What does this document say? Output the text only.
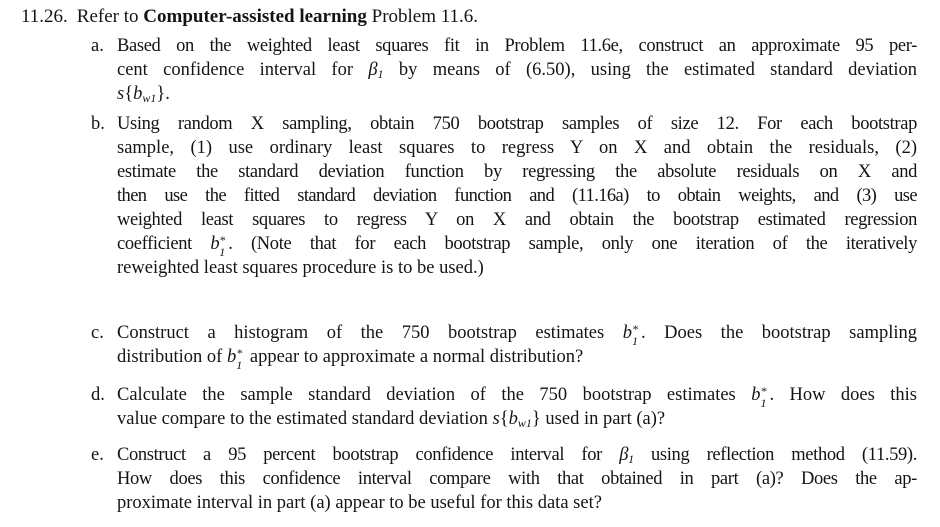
11.26. Refer to Computer-assisted learning Problem 11.6.
a. Based on the weighted least squares fit in Problem 11.6e, construct an approximate 95 per-
cent confidence interval for $\beta_1$ by means of (6.50), using the estimated standard deviation
$s\{b_{w1}\}$.
b. Using random X sampling, obtain 750 bootstrap samples of size 12. For each bootstrap
sample, (1) use ordinary least squares to regress Y on X and obtain the residuals, (2)
estimate the standard deviation function by regressing the absolute residuals on X and
then use the fitted standard deviation function and (11.16a) to obtain weights, and (3) use
weighted least squares to regress Y on X and obtain the bootstrap estimated regression
coefficient b *
1 . (Note that for each bootstrap sample, only one iteration of the iteratively
reweighted least squares procedure is to be used.)
c. Construct a histogram of the 750 bootstrap estimates b *
1 . Does the bootstrap sampling
distribution of b *
1 appear to approximate a normal distribution?
d. Calculate the sample standard deviation of the 750 bootstrap estimates b *
1 . How does this
value compare to the estimated standard deviation $s\{b_{w1}\}$ used in part (a)?
e. Construct a 95 percent bootstrap confidence interval for $\beta_1$ using reflection method (11.59).
How does this confidence interval compare with that obtained in part (a)? Does the ap-
proximate interval in part (a) appear to be useful for this data set?
